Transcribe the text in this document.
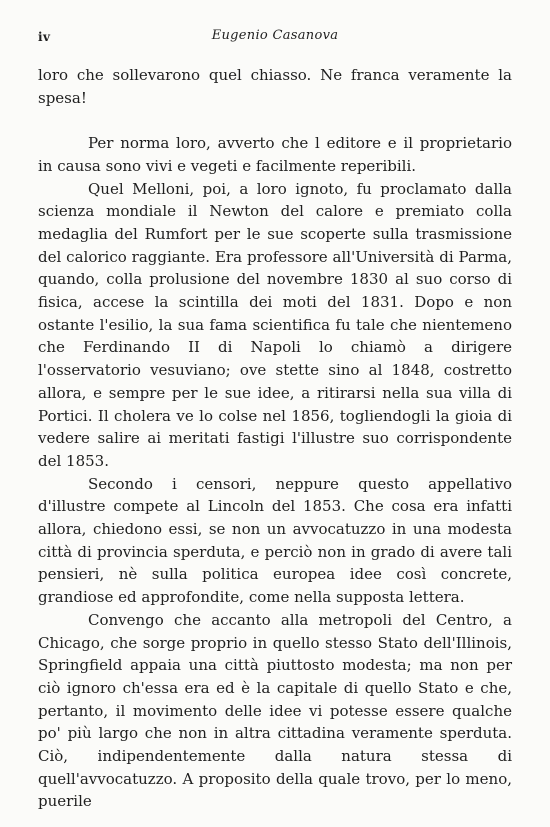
iv	Eugenio Casanova

loro che sollevarono quel chiasso. Ne franca veramente la spesa!

Per norma loro, avverto che l editore e il proprietario in causa sono vivi e vegeti e facilmente reperibili.

Quel Melloni, poi, a loro ignoto, fu proclamato dalla scienza mondiale il Newton del calore e premiato colla medaglia del Rumfort per le sue scoperte sulla trasmissione del calorico raggiante. Era professore all'Università di Parma, quando, colla prolusione del novembre 1830 al suo corso di fisica, accese la scintilla dei moti del 1831. Dopo e non ostante l'esilio, la sua fama scientifica fu tale che nientemeno che Ferdinando II di Napoli lo chiamò a dirigere l'osservatorio vesuviano; ove stette sino al 1848, costretto allora, e sempre per le sue idee, a ritirarsi nella sua villa di Portici. Il cholera ve lo colse nel 1856, togliendogli la gioia di vedere salire ai meritati fastigi l'illustre suo corrispondente del 1853.

Secondo i censori, neppure questo appellativo d'illustre compete al Lincoln del 1853. Che cosa era infatti allora, chiedono essi, se non un avvocatuzzo in una modesta città di provincia sperduta, e perciò non in grado di avere tali pensieri, nè sulla politica europea idee così concrete, grandiose ed approfondite, come nella supposta lettera.

Convengo che accanto alla metropoli del Centro, a Chicago, che sorge proprio in quello stesso Stato dell'Illinois, Springfield appaia una città piuttosto modesta; ma non per ciò ignoro ch'essa era ed è la capitale di quello Stato e che, pertanto, il movimento delle idee vi potesse essere qualche po' più largo che non in altra cittadina veramente sperduta. Ciò, indipendentemente dalla natura stessa di quell'avvocatuzzo. A proposito della quale trovo, per lo meno, puerile
